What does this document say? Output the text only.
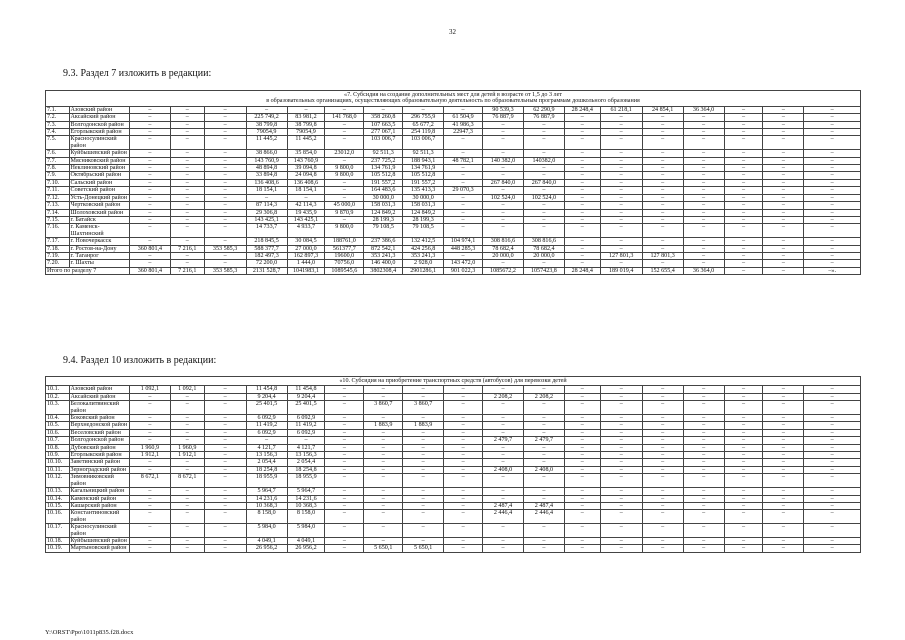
32
9.3. Раздел 7 изложить в редакции:
«7. Субсидия на создание дополнительных мест для детей в возрасте от 1,5 до 3 лет
в образовательных организациях, осуществляющих образовательную деятельность по образовательным программам дошкольного образования																			

7.1.	Азовский район	–	–	–	–	–	–	–	–	–	90 539,3	62 290,9	28 248,4	61 218,1	24 854,1	36 364,0	–	–	–
7.2.	Аксайский район	–	–	–	225 749,2	83 981,2	141 768,0	358 260,8	296 755,9	61 504,9	76 887,9	76 887,9	–	–	–	–	–	–	–
7.3.	Волгодонской район	–	–	–	38 799,8	38 799,8	–	107 663,5	65 677,2	41 986,3	–	–	–	–	–	–	–	–	–
7.4.	Егорлыкский район	–	–	–	79054,9	79054,9	–	277 067,1	254 119,8	22947,3	–	–	–	–	–	–	–	–	–
7.5.	Красносулинский район	–	–	–	11 445,2	11 445,2	–	103 006,7	103 006,7	–	–	–	–	–	–	–	–	–	–
7.6.	Куйбышевский район	–	–	–	38 866,0	35 854,0	23012,0	92 511,3	92 511,3	–	–	–	–	–	–	–	–	–	–
7.7.	Мясниковский район	–	–	–	143 760,9	143 760,9	–	237 725,2	188 943,1	48 782,1	140 382,0	140382,0	–	–	–	–	–	–	–
7.8.	Неклиновский район	–	–	–	48 894,8	39 094,8	9 800,0	134 761,9	134 761,9	–	–	–	–	–	–	–	–	–	–
7.9.	Октябрьский район	–	–	–	33 894,8	24 094,8	9 800,0	105 512,8	105 512,8	–	–	–	–	–	–	–	–	–	–
7.10.	Сальский район	–	–	–	136 408,6	136 408,6	–	191 557,2	191 557,2	–	267 840,0	267 840,0	–	–	–	–	–	–	–
7.11.	Советский район	–	–	–	18 154,1	18 154,1	–	164 483,6	135 413,3	29 070,3	–	–	–	–	–	–	–	–	–
7.12.	Усть-Донецкий район	–	–	–	–	–	–	30 000,0	30 000,0	–	102 524,0	102 524,0	–	–	–	–	–	–	–
7.13.	Чертковский район	–	–	–	87 114,3	42 114,3	45 000,0	158 031,3	158 031,3	–	–	–	–	–	–	–	–	–	–
7.14.	Шолоховский район	–	–	–	29 306,8	19 435,9	9 870,9	124 849,2	124 849,2	–	–	–	–	–	–	–	–	–	–
7.15.	г. Батайск	–	–	–	143 425,1	143 425,1	–	28 199,3	28 199,3	–	–	–	–	–	–	–	–	–	–
7.16.	г. Каменск-Шахтинский	–	–	–	14 733,7	4 933,7	9 800,0	79 108,5	79 108,5	–	–	–	–	–	–	–	–	–	–
7.17.	г. Новочеркасск	–	–	–	218 845,5	30 084,5	188761,0	237 386,6	132 412,5	104 974,1	308 816,6	308 816,6	–	–	–	–	–	–	–
7.18.	г. Ростов-на-Дону	360 801,4	7 216,1	353 585,3	588 377,7	27 000,0	561377,7	872 542,1	424 256,8	448 285,3	78 682,4	78 682,4	–	–	–	–	–	–	–
7.19.	г. Таганрог	–	–	–	182 497,3	162 897,3	19600,0	353 241,3	353 241,3	–	20 000,0	20 000,0	–	127 801,3	127 801,3	–	–	–	–
7.20.	г. Шахты	–	–	–	72 200,0	1 444,0	70756,0	146 400,0	2 928,0	143 472,0	–	–	–	–	–	–	–	–	–
Итого по разделу 7		360 801,4	7 216,1	353 585,3	2131 528,7	1041983,1	1089545,6	3802308,4	2901286,1	901 022,3	1085672,2	1057423,8	28 248,4	189 019,4	152 655,4	36 364,0	–	–	–».
9.4. Раздел 10 изложить в редакции:
«10. Субсидия на приобретение транспортных средств (автобусов) для перевозки детей																			
10.1.	Азовский район	1 092,1	1 092,1	–	11 454,8	11 454,8	–	–	–	–	–	–	–	–	–	–	–	–	–
10.2.	Аксайский район	–	–	–	9 204,4	9 204,4	–	–	–	–	2 208,2	2 208,2	–	–	–	–	–	–	–
10.3.	Белокалитвинский район	–	–	–	25 401,5	25 401,5	–	3 860,7	3 860,7	–	–	–	–	–	–	–	–	–	–
10.4.	Боковский район	–	–	–	6 092,9	6 092,9	–	–	–	–	–	–	–	–	–	–	–	–	–
10.5.	Верхнедонской район	–	–	–	11 419,2	11 419,2	–	1 883,9	1 883,9	–	–	–	–	–	–	–	–	–	–
10.6.	Веселовский район	–	–	–	6 092,9	6 092,9	–	–	–	–	–	–	–	–	–	–	–	–	–
10.7.	Волгодонской район	–	–	–	–	–	–	–	–	–	2 479,7	2 479,7	–	–	–	–	–	–	–
10.8.	Дубовский район	1 960,9	1 960,9	–	4 121,7	4 121,7	–	–	–	–	–	–	–	–	–	–	–	–	–
10.9.	Егорлыкский район	1 912,1	1 912,1	–	13 156,3	13 156,3	–	–	–	–	–	–	–	–	–	–	–	–	–
10.10.	Заветинский район	–	–	–	2 054,4	2 054,4	–	–	–	–	–	–	–	–	–	–	–	–	–
10.11.	Зерноградский район	–	–	–	18 254,8	18 254,8	–	–	–	–	2 408,0	2 408,0	–	–	–	–	–	–	–
10.12.	Зимовниковский район	8 672,1	8 672,1	–	18 955,9	18 955,9	–	–	–	–	–	–	–	–	–	–	–	–	–
10.13.	Кагальницкий район	–	–	–	5 964,7	5 964,7	–	–	–	–	–	–	–	–	–	–	–	–	–
10.14.	Каменский район	–	–	–	14 231,6	14 231,6	–	–	–	–	–	–	–	–	–	–	–	–	–
10.15.	Кашарский район	–	–	–	10 368,3	10 368,3	–	–	–	–	2 487,4	2 487,4	–	–	–	–	–	–	–
10.16.	Константиновский район	–	–	–	8 158,0	8 158,0	–	–	–	–	2 446,4	2 446,4	–	–	–	–	–	–	–
10.17.	Красносулинский район	–	–	–	5 984,0	5 984,0	–	–	–	–	–	–	–	–	–	–	–	–	–
10.18.	Куйбышевский район	–	–	–	4 049,1	4 049,1	–	–	–	–	–	–	–	–	–	–	–	–	–
10.19.	Мартыновский район	–	–	–	26 956,2	26 956,2	–	5 650,1	5 650,1	–	–	–	–	–	–	–	–	–	–
Y:\ORST\Ppo\1011p835.f28.docx
